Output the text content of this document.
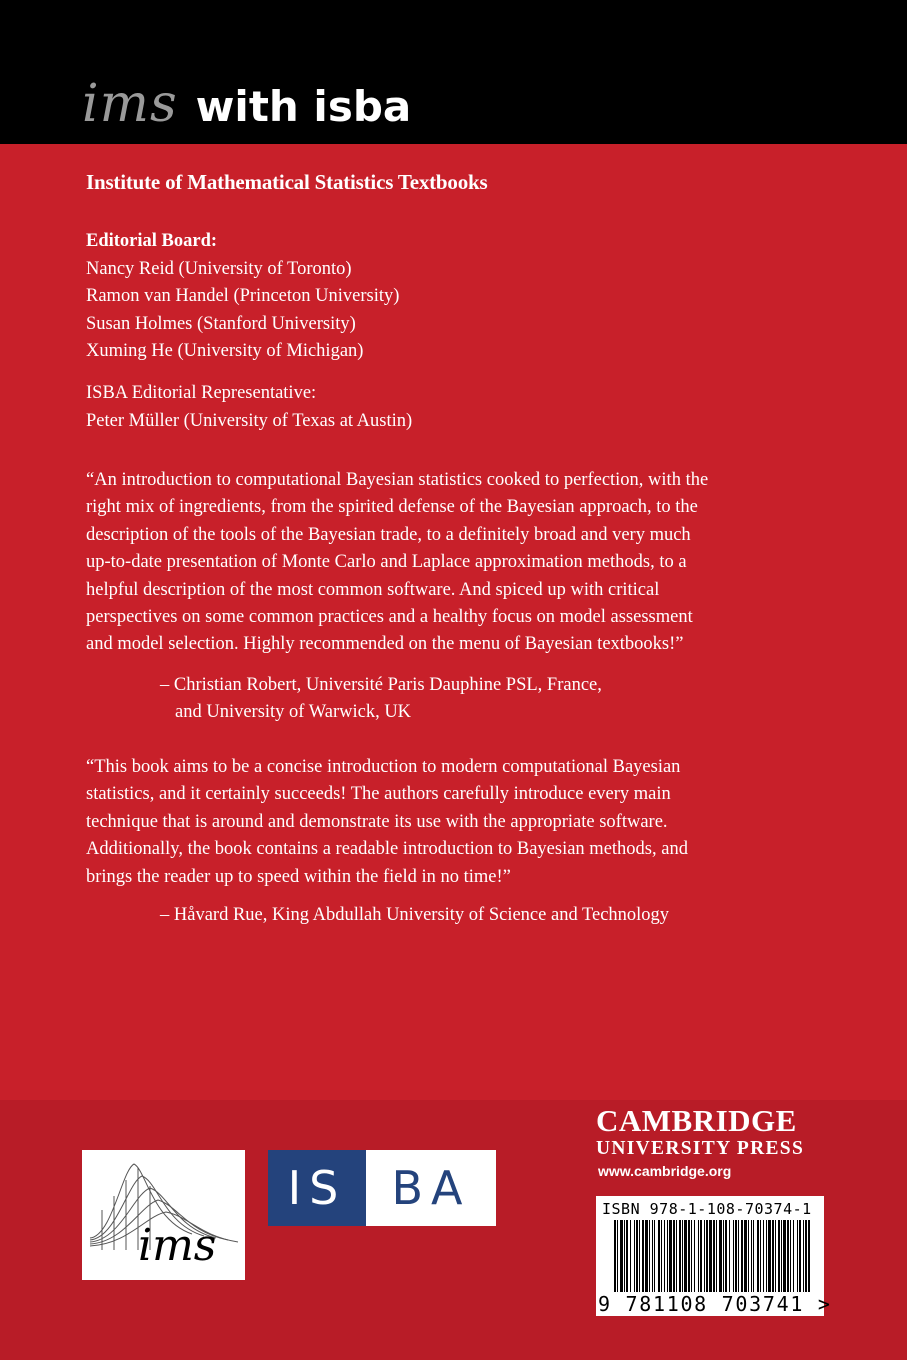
ims with isba
Institute of Mathematical Statistics Textbooks
Editorial Board:
Nancy Reid (University of Toronto)
Ramon van Handel (Princeton University)
Susan Holmes (Stanford University)
Xuming He (University of Michigan)
ISBA Editorial Representative:
Peter Müller (University of Texas at Austin)
“An introduction to computational Bayesian statistics cooked to perfection, with the
right mix of ingredients, from the spirited defense of the Bayesian approach, to the
description of the tools of the Bayesian trade, to a definitely broad and very much
up-to-date presentation of Monte Carlo and Laplace approximation methods, to a
helpful description of the most common software. And spiced up with critical
perspectives on some common practices and a healthy focus on model assessment
and model selection. Highly recommended on the menu of Bayesian textbooks!”
– Christian Robert, Université Paris Dauphine PSL, France,
and University of Warwick, UK
“This book aims to be a concise introduction to modern computational Bayesian
statistics, and it certainly succeeds! The authors carefully introduce every main
technique that is around and demonstrate its use with the appropriate software.
Additionally, the book contains a readable introduction to Bayesian methods, and
brings the reader up to speed within the field in no time!”
– Håvard Rue, King Abdullah University of Science and Technology
ims
IS BA
CAMBRIDGE
UNIVERSITY PRESS
www.cambridge.org
ISBN 978-1-108-70374-1
9 781108 703741 >
